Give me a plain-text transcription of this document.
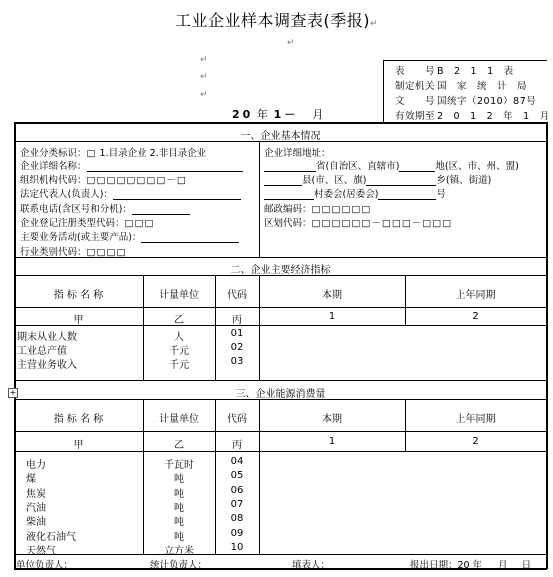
工业企业样本调查表(季报)↵
↵
↵
↵
↵
表　　号 B　2　1　1　表
制定机关 国　家　统　计　局
文　　号 国统字（2010）87号
有效期至 2　0　1　2　年　1　月
20 年 1－ 月
一、企业基本情况
企业分类标识：□ 1.目录企业 2.非目录企业
企业详细名称：
组织机构代码：□□□□□□□□－□
法定代表人(负责人)：
联系电话(含区号和分机)：
企业登记注册类型代码：□□□
主要业务活动(或主要产品)：
行业类别代码：□□□□
企业详细地址：
省(自治区、直辖市)	地(区、市、州、盟)
县(市、区、旗)	乡(镇、街道)
村委会(居委会)	号
邮政编码：□□□□□□
区划代码：□□□□□□－□□□－□□□
二、企业主要经济指标
指 标 名 称	计量单位	代码	本期	上年同期
甲	乙	丙	1	2
期末从业人数	人	01
工业总产值	千元	02
主营业务收入	千元	03
+	三、企业能源消费量
指 标 名 称	计量单位	代码	本期	上年同期
甲	乙	丙	1	2
电力	千瓦时	04
煤	吨	05
焦炭	吨	06
汽油	吨	07
柴油	吨	08
液化石油气	吨	09
天然气	立方米	10
单位负责人：	统计负责人：	填表人：	报出日期：20 年 月 日
